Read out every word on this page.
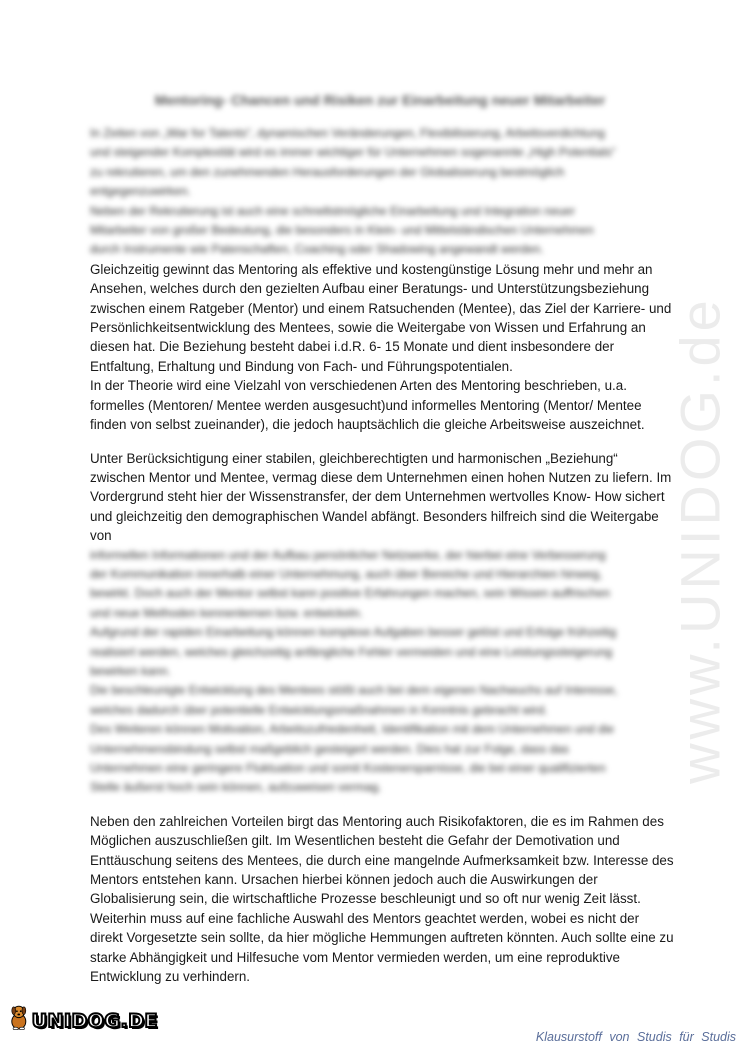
www.UNIDOG.de
Mentoring- Chancen und Risiken zur Einarbeitung neuer Mitarbeiter
In Zeiten von „War for Talents“, dynamischen Veränderungen, Flexibilisierung, Arbeitsverdichtung
und steigender Komplexität wird es immer wichtiger für Unternehmen sogenannte „High Potentials“
zu rekrutieren, um den zunehmenden Herausforderungen der Globalisierung bestmöglich
entgegenzuwirken.
Neben der Rekrutierung ist auch eine schnellstmögliche Einarbeitung und Integration neuer
Mitarbeiter von großer Bedeutung, die besonders in Klein- und Mittelständischen Unternehmen
durch Instrumente wie Patenschaften, Coaching oder Shadowing angewandt werden.

Gleichzeitig gewinnt das Mentoring als effektive und kostengünstige Lösung mehr und mehr an Ansehen, welches durch den gezielten Aufbau einer Beratungs- und Unterstützungsbeziehung zwischen einem Ratgeber (Mentor) und einem Ratsuchenden (Mentee), das Ziel der Karriere- und Persönlichkeitsentwicklung des Mentees, sowie die Weitergabe von Wissen und Erfahrung an diesen hat. Die Beziehung besteht dabei i.d.R. 6- 15 Monate und dient insbesondere der Entfaltung, Erhaltung und Bindung von Fach- und Führungspotentialen.

In der Theorie wird eine Vielzahl von verschiedenen Arten des Mentoring beschrieben, u.a. formelles (Mentoren/ Mentee werden ausgesucht)und informelles Mentoring (Mentor/ Mentee finden von selbst zueinander), die jedoch hauptsächlich die gleiche Arbeitsweise auszeichnet.

Unter Berücksichtigung einer stabilen, gleichberechtigten und harmonischen „Beziehung“ zwischen Mentor und Mentee, vermag diese dem Unternehmen einen hohen Nutzen zu liefern. Im Vordergrund steht hier der Wissenstransfer, der dem Unternehmen wertvolles Know- How sichert und gleichzeitig den demographischen Wandel abfängt. Besonders hilfreich sind die Weitergabe von

informellen Informationen und der Aufbau persönlicher Netzwerke, der hierbei eine Verbesserung
der Kommunikation innerhalb einer Unternehmung, auch über Bereiche und Hierarchien hinweg,
bewirkt. Doch auch der Mentor selbst kann positive Erfahrungen machen, sein Wissen auffrischen
und neue Methoden kennenlernen bzw. entwickeln.
Aufgrund der rapiden Einarbeitung können komplexe Aufgaben besser gelöst und Erfolge frühzeitig
realisiert werden, welches gleichzeitig anfängliche Fehler vermeiden und eine Leistungssteigerung
bewirken kann.
Die beschleunigte Entwicklung des Mentees stößt auch bei dem eigenen Nachwuchs auf Interesse,
welches dadurch über potentielle Entwicklungsmaßnahmen in Kenntnis gebracht wird.
Des Weiteren können Motivation, Arbeitszufriedenheit, Identifikation mit dem Unternehmen und die
Unternehmensbindung selbst maßgeblich gesteigert werden. Dies hat zur Folge, dass das
Unternehmen eine geringere Fluktuation und somit Kostenersparnisse, die bei einer qualifizierten
Stelle äußerst hoch sein können, aufzuweisen vermag.

Neben den zahlreichen Vorteilen birgt das Mentoring auch Risikofaktoren, die es im Rahmen des Möglichen auszuschließen gilt. Im Wesentlichen besteht die Gefahr der Demotivation und Enttäuschung seitens des Mentees, die durch eine mangelnde Aufmerksamkeit bzw. Interesse des Mentors entstehen kann. Ursachen hierbei können jedoch auch die Auswirkungen der Globalisierung sein, die wirtschaftliche Prozesse beschleunigt und so oft nur wenig Zeit lässt. Weiterhin muss auf eine fachliche Auswahl des Mentors geachtet werden, wobei es nicht der direkt Vorgesetzte sein sollte, da hier mögliche Hemmungen auftreten könnten. Auch sollte eine zu starke Abhängigkeit und Hilfesuche vom Mentor vermieden werden, um eine reproduktive Entwicklung zu verhindern.

UNIDOG.DE
Klausurstoff von Studis für Studis
